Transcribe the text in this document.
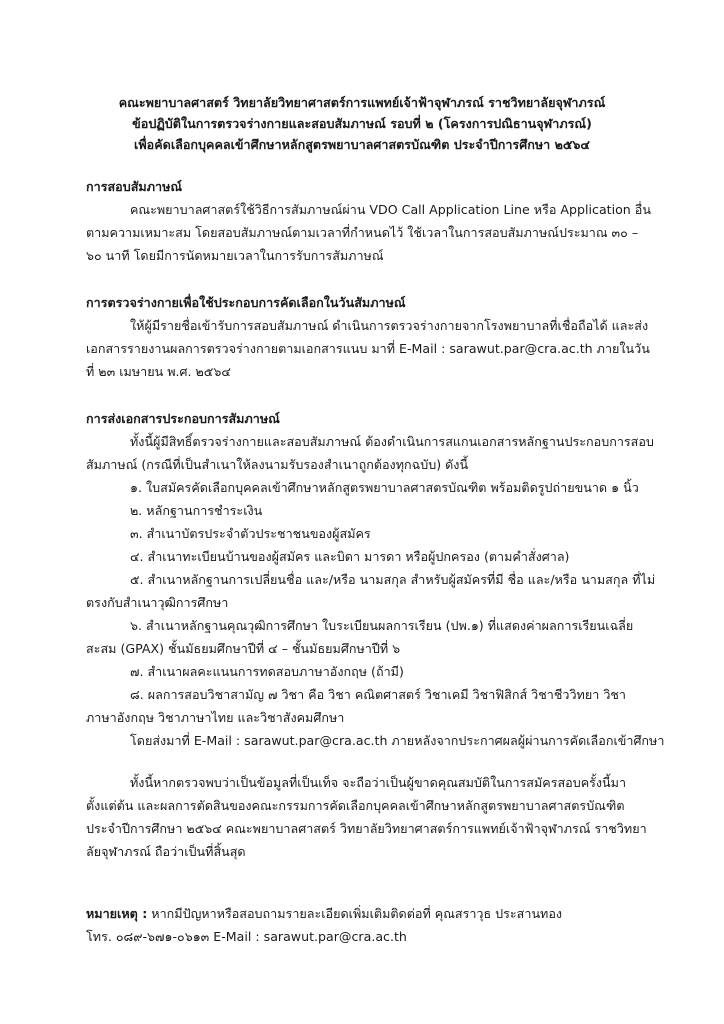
คณะพยาบาลศาสตร์ วิทยาลัยวิทยาศาสตร์การแพทย์เจ้าฟ้าจุฬาภรณ์ ราชวิทยาลัยจุฬาภรณ์
ข้อปฏิบัติในการตรวจร่างกายและสอบสัมภาษณ์ รอบที่ ๒ (โครงการปณิธานจุฬาภรณ์)
เพื่อคัดเลือกบุคคลเข้าศึกษาหลักสูตรพยาบาลศาสตรบัณฑิต ประจำปีการศึกษา ๒๕๖๔
การสอบสัมภาษณ์
คณะพยาบาลศาสตร์ใช้วิธีการสัมภาษณ์ผ่าน VDO Call Application Line หรือ Application อื่น ตามความเหมาะสม โดยสอบสัมภาษณ์ตามเวลาที่กำหนดไว้ ใช้เวลาในการสอบสัมภาษณ์ประมาณ ๓๐ – ๖๐ นาที โดยมีการนัดหมายเวลาในการรับการสัมภาษณ์
การตรวจร่างกายเพื่อใช้ประกอบการคัดเลือกในวันสัมภาษณ์
ให้ผู้มีรายชื่อเข้ารับการสอบสัมภาษณ์ ดำเนินการตรวจร่างกายจากโรงพยาบาลที่เชื่อถือได้ และส่งเอกสารรายงานผลการตรวจร่างกายตามเอกสารแนบ มาที่ E-Mail : sarawut.par@cra.ac.th ภายในวันที่ ๒๓ เมษายน พ.ศ. ๒๕๖๔
การส่งเอกสารประกอบการสัมภาษณ์
ทั้งนี้ผู้มีสิทธิ์ตรวจร่างกายและสอบสัมภาษณ์ ต้องดำเนินการสแกนเอกสารหลักฐานประกอบการสอบสัมภาษณ์ (กรณีที่เป็นสำเนาให้ลงนามรับรองสำเนาถูกต้องทุกฉบับ) ดังนี้
๑. ใบสมัครคัดเลือกบุคคลเข้าศึกษาหลักสูตรพยาบาลศาสตรบัณฑิต พร้อมติดรูปถ่ายขนาด ๑ นิ้ว
๒. หลักฐานการชำระเงิน
๓. สำเนาบัตรประจำตัวประชาชนของผู้สมัคร
๔. สำเนาทะเบียนบ้านของผู้สมัคร และบิดา มารดา หรือผู้ปกครอง (ตามคำสั่งศาล)
๕. สำเนาหลักฐานการเปลี่ยนชื่อ และ/หรือ นามสกุล สำหรับผู้สมัครที่มี ชื่อ และ/หรือ นามสกุล ที่ไม่ตรงกับสำเนาวุฒิการศึกษา
๖. สำเนาหลักฐานคุณวุฒิการศึกษา ใบระเบียนผลการเรียน (ปพ.๑) ที่แสดงค่าผลการเรียนเฉลี่ยสะสม (GPAX) ชั้นมัธยมศึกษาปีที่ ๔ – ชั้นมัธยมศึกษาปีที่ ๖
๗. สำเนาผลคะแนนการทดสอบภาษาอังกฤษ (ถ้ามี)
๘. ผลการสอบวิชาสามัญ ๗ วิชา คือ วิชา คณิตศาสตร์ วิชาเคมี วิชาฟิสิกส์ วิชาชีววิทยา วิชาภาษาอังกฤษ วิชาภาษาไทย และวิชาสังคมศึกษา
โดยส่งมาที่ E-Mail : sarawut.par@cra.ac.th ภายหลังจากประกาศผลผู้ผ่านการคัดเลือกเข้าศึกษา
ทั้งนี้หากตรวจพบว่าเป็นข้อมูลที่เป็นเท็จ จะถือว่าเป็นผู้ขาดคุณสมบัติในการสมัครสอบครั้งนี้มาตั้งแต่ต้น และผลการตัดสินของคณะกรรมการคัดเลือกบุคคลเข้าศึกษาหลักสูตรพยาบาลศาสตรบัณฑิต ประจำปีการศึกษา ๒๕๖๔ คณะพยาบาลศาสตร์ วิทยาลัยวิทยาศาสตร์การแพทย์เจ้าฟ้าจุฬาภรณ์ ราชวิทยาลัยจุฬาภรณ์ ถือว่าเป็นที่สิ้นสุด
หมายเหตุ : หากมีปัญหาหรือสอบถามรายละเอียดเพิ่มเติมติดต่อที่ คุณสราวุธ ประสานทอง
โทร. ๐๘๙-๖๗๑-๐๖๑๓ E-Mail : sarawut.par@cra.ac.th
